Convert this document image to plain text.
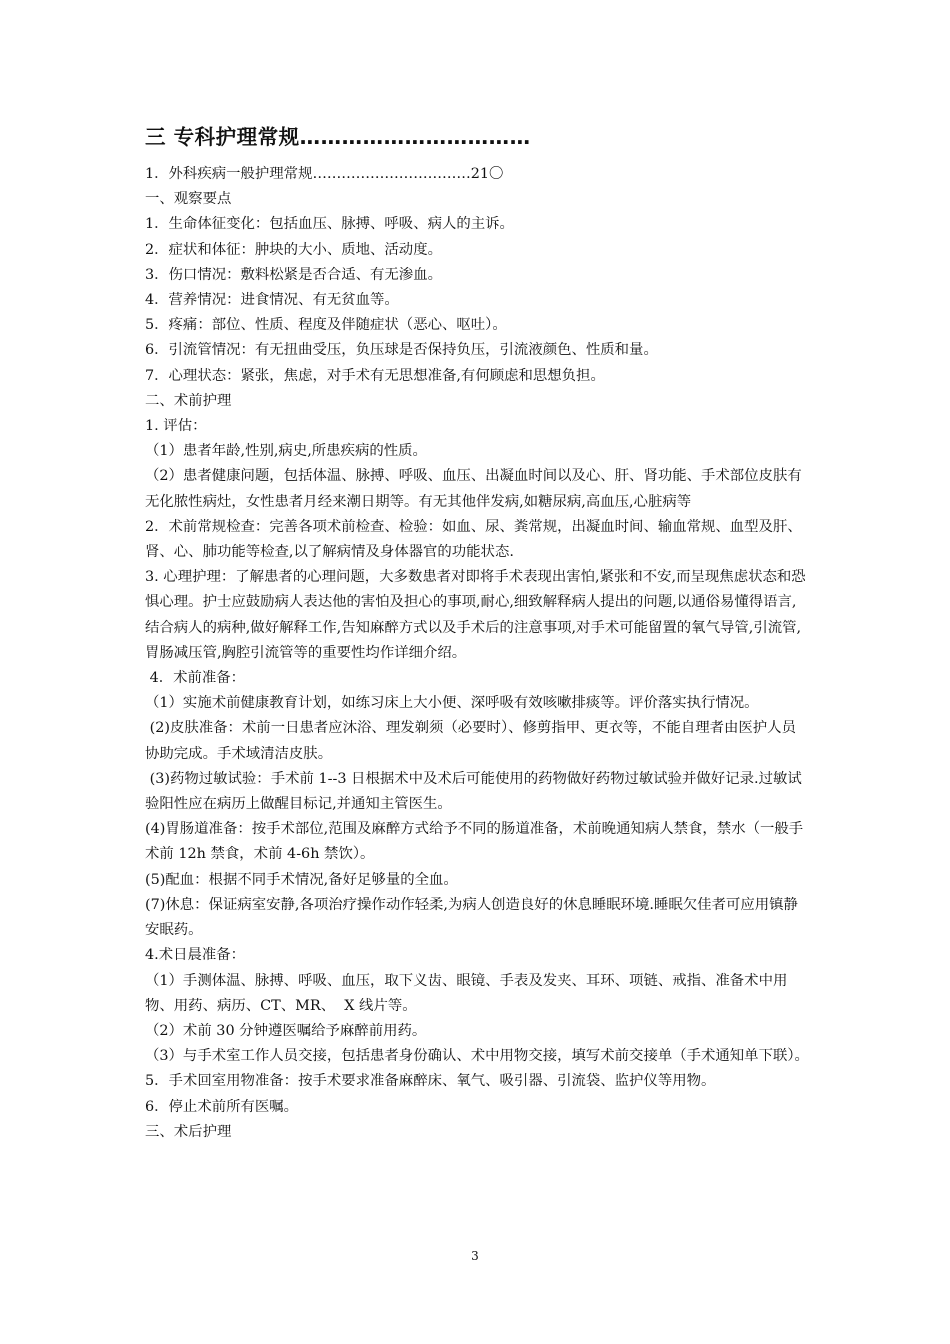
三 专科护理常规……………………………

1．外科疾病一般护理常规……………………………21〇

一、观察要点

1．生命体征变化：包括血压、脉搏、呼吸、病人的主诉。

2．症状和体征：肿块的大小、质地、活动度。

3．伤口情况：敷料松紧是否合适、有无渗血。

4．营养情况：进食情况、有无贫血等。

5．疼痛：部位、性质、程度及伴随症状（恶心、呕吐）。

6．引流管情况：有无扭曲受压，负压球是否保持负压，引流液颜色、性质和量。

7．心理状态：紧张，焦虑，对手术有无思想准备,有何顾虑和思想负担。

二、术前护理

1. 评估：

（1）患者年龄,性别,病史,所患疾病的性质。

（2）患者健康问题，包括体温、脉搏、呼吸、血压、出凝血时间以及心、肝、肾功能、手术部位皮肤有无化脓性病灶，女性患者月经来潮日期等。有无其他伴发病,如糖尿病,高血压,心脏病等

2．术前常规检查：完善各项术前检查、检验：如血、尿、粪常规，出凝血时间、输血常规、血型及肝、肾、心、肺功能等检查,以了解病情及身体器官的功能状态.

3. 心理护理：了解患者的心理问题，大多数患者对即将手术表现出害怕,紧张和不安,而呈现焦虑状态和恐惧心理。护士应鼓励病人表达他的害怕及担心的事项,耐心,细致解释病人提出的问题,以通俗易懂得语言,结合病人的病种,做好解释工作,告知麻醉方式以及手术后的注意事项,对手术可能留置的氧气导管,引流管,胃肠减压管,胸腔引流管等的重要性均作详细介绍。

4．术前准备：

（1）实施术前健康教育计划，如练习床上大小便、深呼吸有效咳嗽排痰等。评价落实执行情况。

(2)皮肤准备：术前一日患者应沐浴、理发剃须（必要时）、修剪指甲、更衣等，不能自理者由医护人员协助完成。手术域清洁皮肤。

(3)药物过敏试验：手术前 1--3 日根据术中及术后可能使用的药物做好药物过敏试验并做好记录.过敏试验阳性应在病历上做醒目标记,并通知主管医生。

(4)胃肠道准备：按手术部位,范围及麻醉方式给予不同的肠道准备，术前晚通知病人禁食，禁水（一般手术前 12h 禁食，术前 4-6h 禁饮）。

(5)配血：根据不同手术情况,备好足够量的全血。

(7)休息：保证病室安静,各项治疗操作动作轻柔,为病人创造良好的休息睡眠环境.睡眠欠佳者可应用镇静安眠药。

4.术日晨准备：

（1）手测体温、脉搏、呼吸、血压，取下义齿、眼镜、手表及发夹、耳环、项链、戒指、准备术中用物、用药、病历、CT、MR、  X 线片等。

（2）术前 30 分钟遵医嘱给予麻醉前用药。

（3）与手术室工作人员交接，包括患者身份确认、术中用物交接，填写术前交接单（手术通知单下联）。

5．手术回室用物准备：按手术要求准备麻醉床、氧气、吸引器、引流袋、监护仪等用物。

6．停止术前所有医嘱。

三、术后护理

3
